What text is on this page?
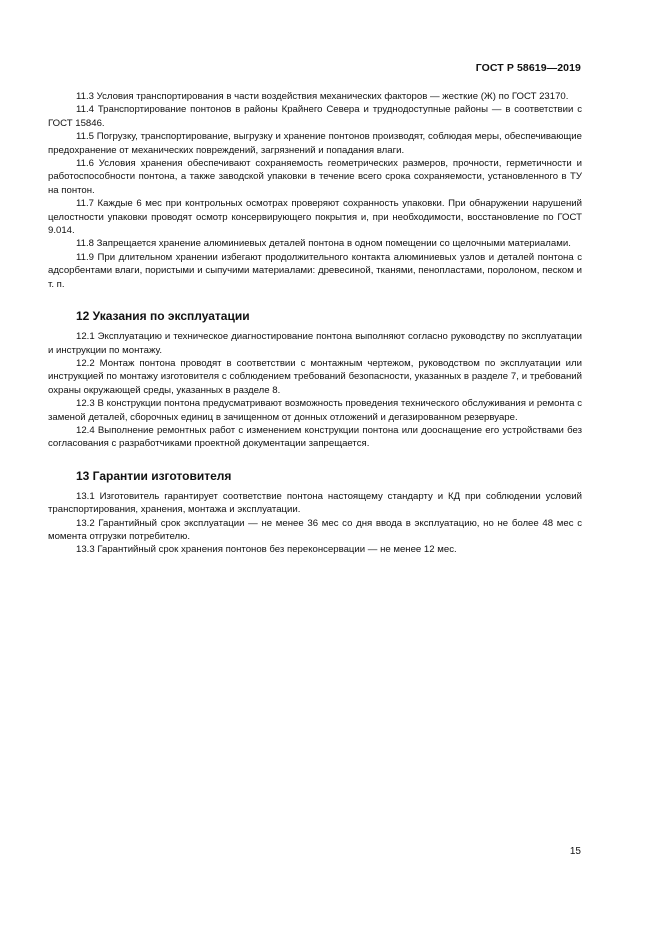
ГОСТ Р 58619—2019

11.3 Условия транспортирования в части воздействия механических факторов — жесткие (Ж) по ГОСТ 23170.

11.4 Транспортирование понтонов в районы Крайнего Севера и труднодоступные районы — в соответствии с ГОСТ 15846.

11.5 Погрузку, транспортирование, выгрузку и хранение понтонов производят, соблюдая меры, обеспечивающие предохранение от механических повреждений, загрязнений и попадания влаги.

11.6 Условия хранения обеспечивают сохраняемость геометрических размеров, прочности, герметичности и работоспособности понтона, а также заводской упаковки в течение всего срока сохраняемости, установленного в ТУ на понтон.

11.7 Каждые 6 мес при контрольных осмотрах проверяют сохранность упаковки. При обнаружении нарушений целостности упаковки проводят осмотр консервирующего покрытия и, при необходимости, восстановление по ГОСТ 9.014.

11.8 Запрещается хранение алюминиевых деталей понтона в одном помещении со щелочными материалами.

11.9 При длительном хранении избегают продолжительного контакта алюминиевых узлов и деталей понтона с адсорбентами влаги, пористыми и сыпучими материалами: древесиной, тканями, пенопластами, поролоном, песком и т. п.

12 Указания по эксплуатации

12.1 Эксплуатацию и техническое диагностирование понтона выполняют согласно руководству по эксплуатации и инструкции по монтажу.

12.2 Монтаж понтона проводят в соответствии с монтажным чертежом, руководством по эксплуатации или инструкцией по монтажу изготовителя с соблюдением требований безопасности, указанных в разделе 7, и требований охраны окружающей среды, указанных в разделе 8.

12.3 В конструкции понтона предусматривают возможность проведения технического обслуживания и ремонта с заменой деталей, сборочных единиц в зачищенном от донных отложений и дегазированном резервуаре.

12.4 Выполнение ремонтных работ с изменением конструкции понтона или дооснащение его устройствами без согласования с разработчиками проектной документации запрещается.

13 Гарантии изготовителя

13.1 Изготовитель гарантирует соответствие понтона настоящему стандарту и КД при соблюдении условий транспортирования, хранения, монтажа и эксплуатации.

13.2 Гарантийный срок эксплуатации — не менее 36 мес со дня ввода в эксплуатацию, но не более 48 мес с момента отгрузки потребителю.

13.3 Гарантийный срок хранения понтонов без переконсервации — не менее 12 мес.

15
